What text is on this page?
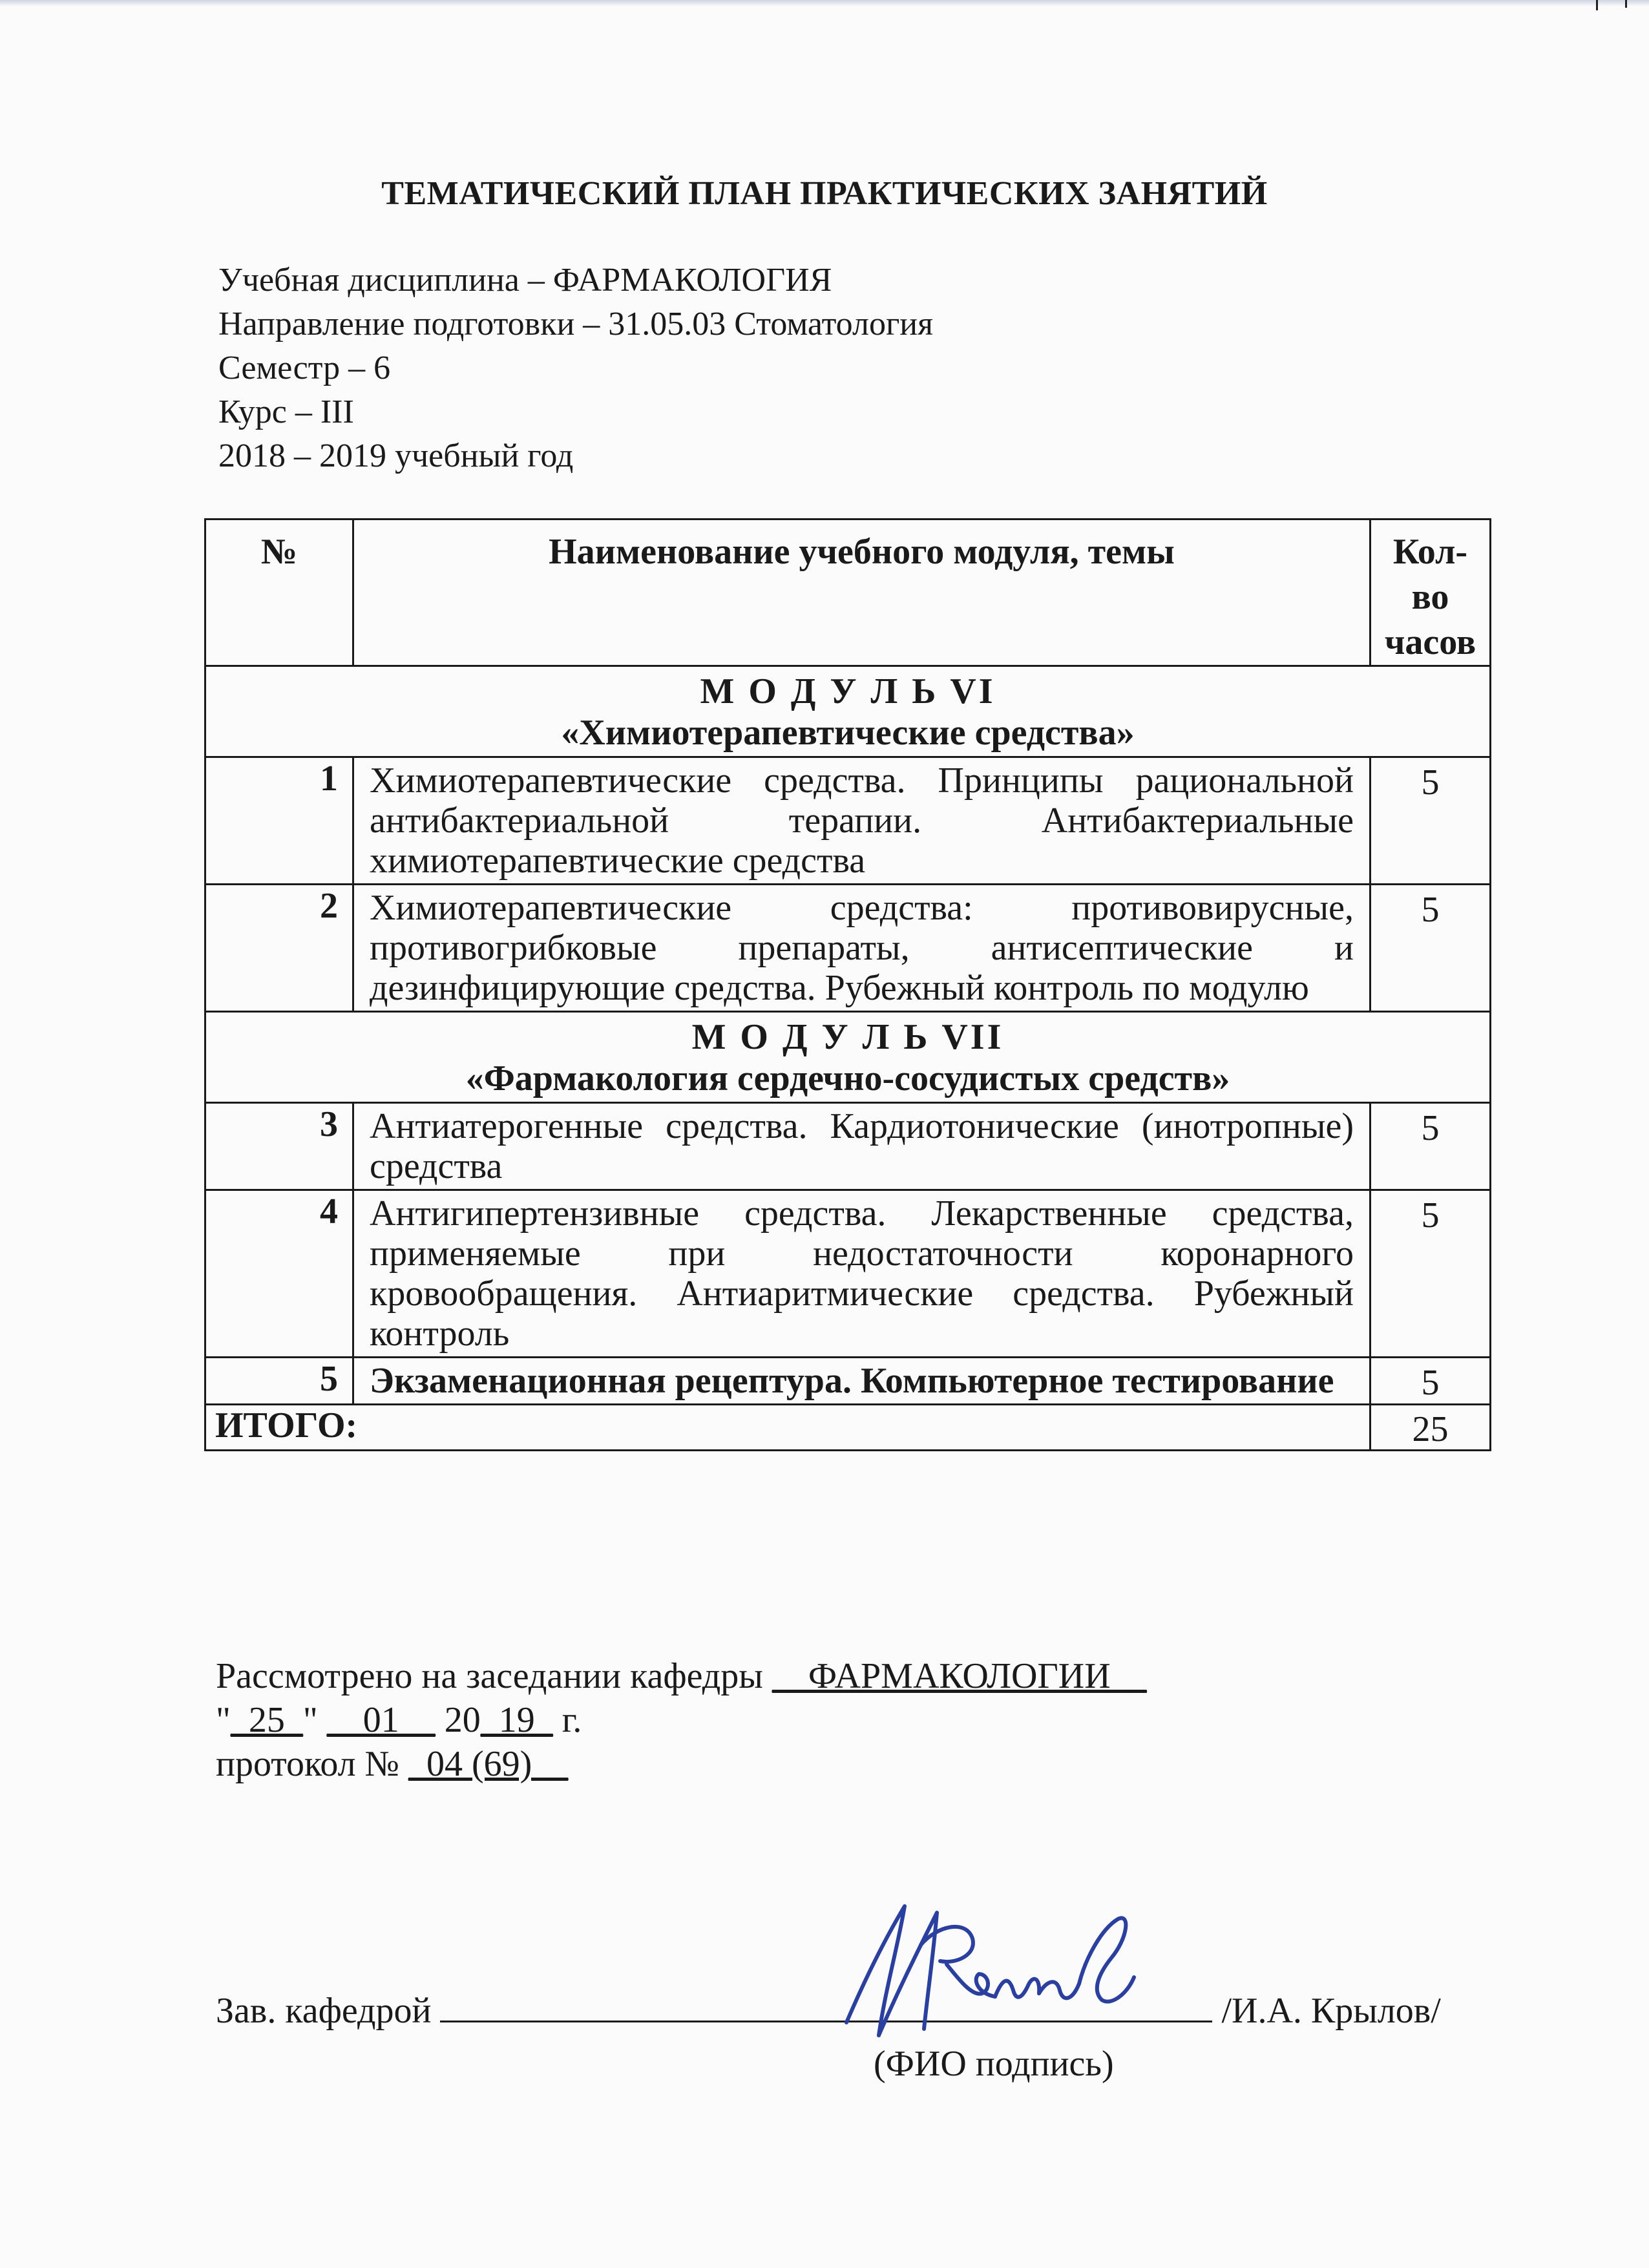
ТЕМАТИЧЕСКИЙ ПЛАН ПРАКТИЧЕСКИХ ЗАНЯТИЙ
Учебная дисциплина – ФАРМАКОЛОГИЯ
Направление подготовки – 31.05.03 Стоматология
Семестр – 6
Курс – III
2018 – 2019 учебный год
№	Наименование учебного модуля, темы	Кол-во часов

М О Д У Л Ь VI
«Химиотерапевтические средства»		

1	Химиотерапевтические средства. Принципы рациональной антибактериальной терапии. Антибактериальные химиотерапевтические средства	5

2	Химиотерапевтические средства: противовирусные, противогрибковые препараты, антисептические и дезинфицирующие средства. Рубежный контроль по модулю	5

М О Д У Л Ь VII
«Фармакология сердечно-сосудистых средств»		

3	Антиатерогенные средства. Кардиотонические (инотропные) средства	5

4	Антигипертензивные средства. Лекарственные средства, применяемые при недостаточности коронарного кровообращения. Антиаритмические средства. Рубежный контроль	5

5	Экзаменационная рецептура. Компьютерное тестирование	5

ИТОГО:		25
Рассмотрено на заседании кафедры __ФАРМАКОЛОГИИ__
"_25_" __01__ 20_19_ г.
протокол № _04 (69)__
Зав. кафедрой	/И.А. Крылов/
(ФИО подпись)
